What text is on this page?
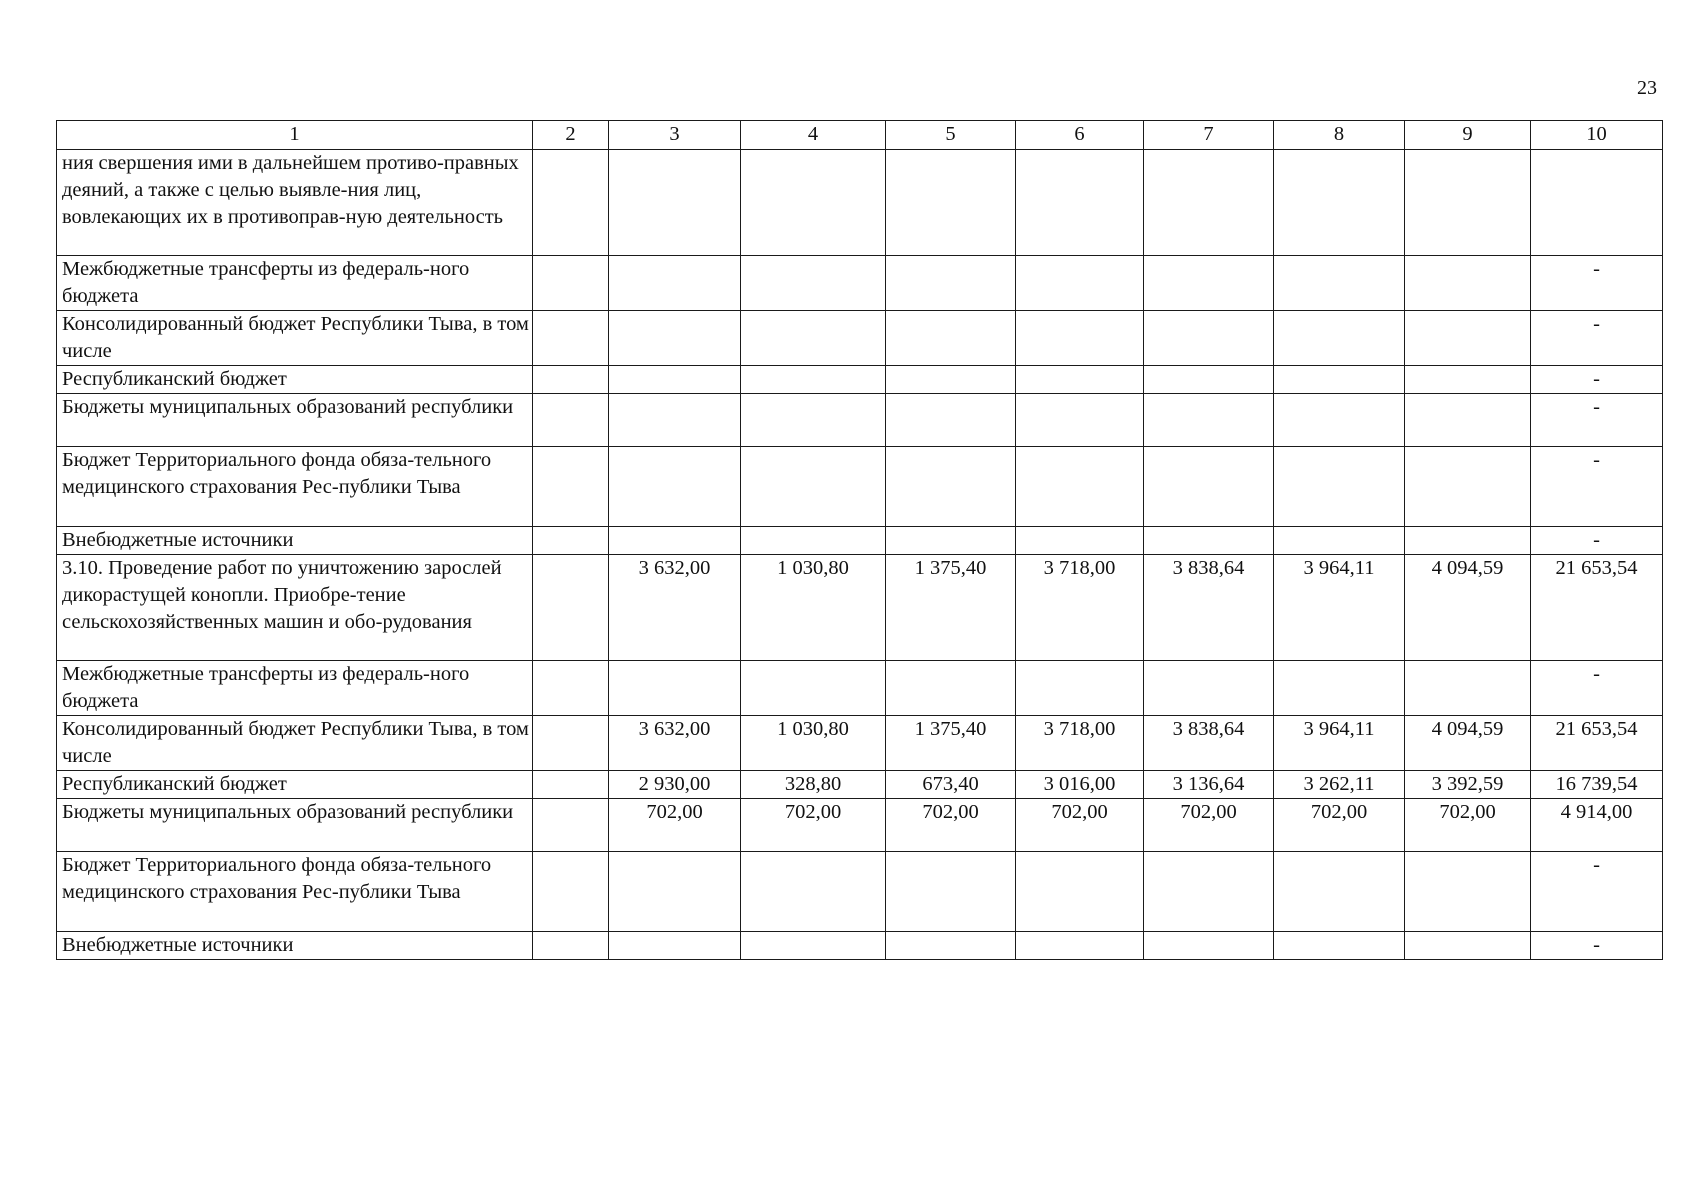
23
1	2	3	4	5	6	7	8	9	10
ния свершения ими в дальнейшем противо-правных деяний, а также с целью выявле-ния лиц, вовлекающих их в противоправ-ную деятельность									
Межбюджетные трансферты из федераль-ного бюджета									-
Консолидированный бюджет Республики Тыва, в том числе									-
Республиканский бюджет									-
Бюджеты муниципальных образований республики									-
Бюджет Территориального фонда обяза-тельного медицинского страхования Рес-публики Тыва									-
Внебюджетные источники									-
3.10. Проведение работ по уничтожению зарослей дикорастущей конопли. Приобре-тение сельскохозяйственных машин и обо-рудования		3 632,00	1 030,80	1 375,40	3 718,00	3 838,64	3 964,11	4 094,59	21 653,54
Межбюджетные трансферты из федераль-ного бюджета									-
Консолидированный бюджет Республики Тыва, в том числе		3 632,00	1 030,80	1 375,40	3 718,00	3 838,64	3 964,11	4 094,59	21 653,54
Республиканский бюджет		2 930,00	328,80	673,40	3 016,00	3 136,64	3 262,11	3 392,59	16 739,54
Бюджеты муниципальных образований республики		702,00	702,00	702,00	702,00	702,00	702,00	702,00	4 914,00
Бюджет Территориального фонда обяза-тельного медицинского страхования Рес-публики Тыва									-
Внебюджетные источники									-
